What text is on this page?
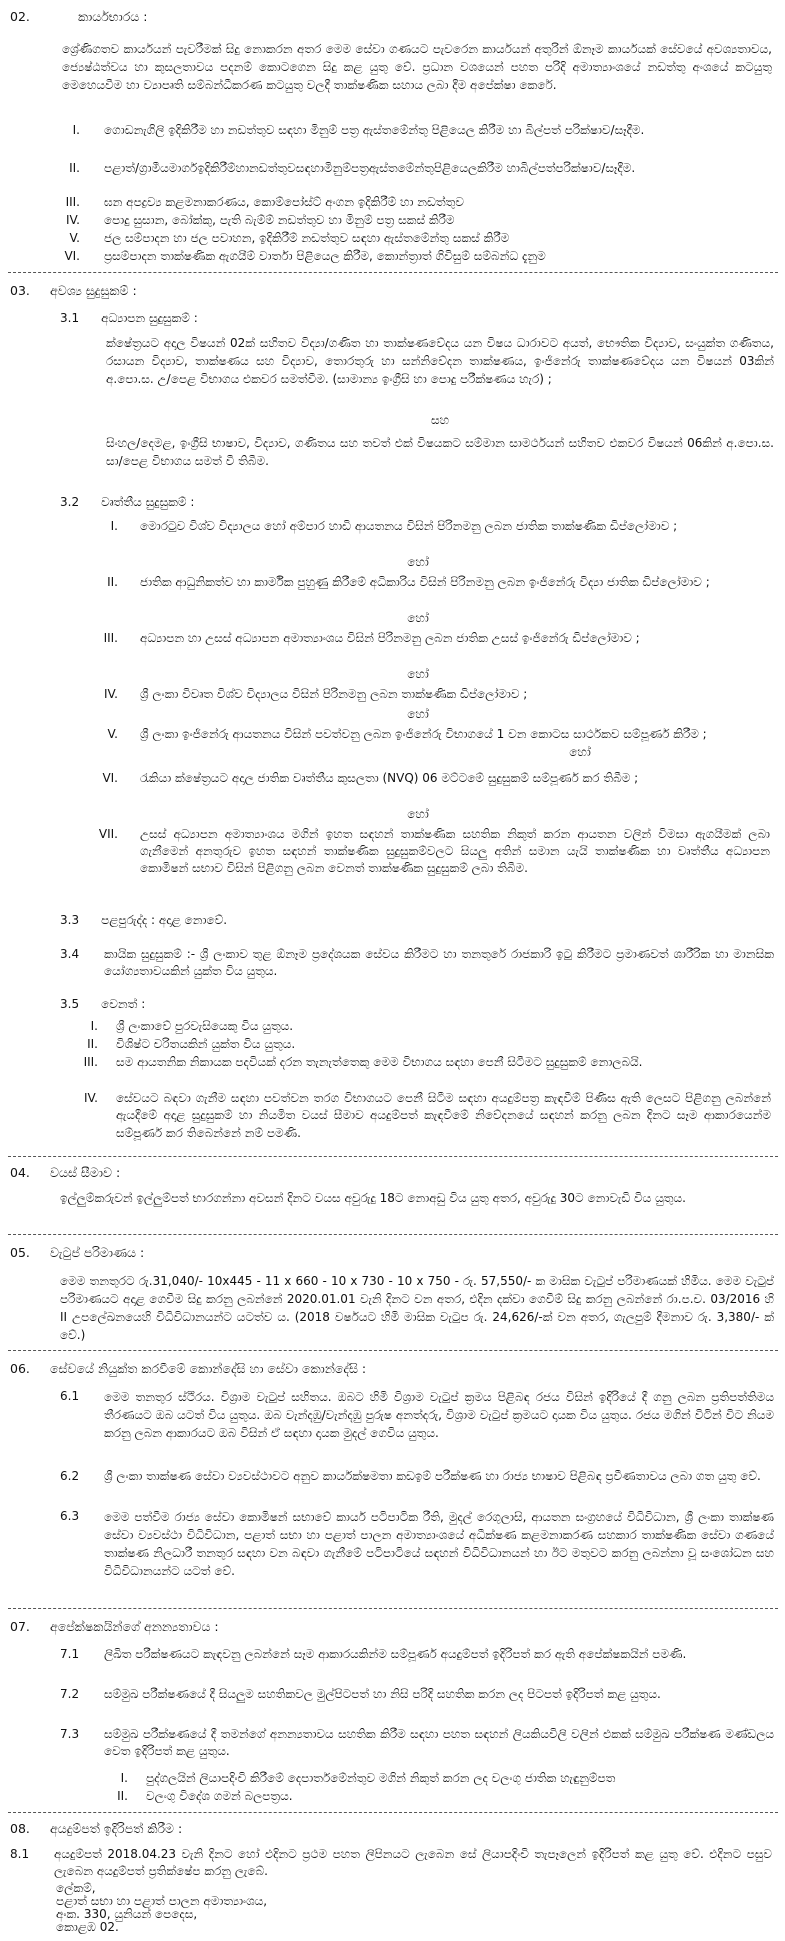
02.	කාර්යභාරය :
ශ්‍රේණිගතව කාර්යයන් පැවරීමක් සිදු නොකරන අතර මෙම සේවා ගණයට පැවරෙන කාර්යයන් අතුරින් ඕනෑම කාර්යයක් සේවයේ අවශ්‍යතාවය, ජ්‍යෙෂ්ඨත්වය හා කුසලතාවය පදනම් කොටගෙන සිදු කළ යුතු වේ. ප්‍රධාන වශයෙන් පහත පරිදි අමාත්‍යාංශයේ නඩත්තු අංශයේ කටයුතු මෙහෙයවීම හා ව්‍යාපෘති සම්බන්ධීකරණ කටයුතු වලදී තාක්ෂණික සහාය ලබා දීම අපේක්ෂා කෙරේ.
I. ගොඩනැගිලි ඉදිකිරීම හා නඩත්තුව සඳහා මිනුම් පත්‍ර ඇස්තමේන්තු පිළියෙල කිරීම හා බිල්පත් පරික්ෂාව/සෑදීම.
II. පළාත්/ග්‍රාමීයමාර්ගඉදිකිරීම්හානඩත්තුවසඳහාමිනුම්පත්‍රඇස්තමේන්තුපිළියෙලකිරීම හාබිල්පත්පරික්ෂාව/සෑදීම.
III. ඝන අපද්‍රව්‍ය කළමනාකරණය, කොම්පෝස්ට් අංගන ඉදිකිරීම් හා නඩත්තුව
IV. පොදු සුසාන, බෝක්කු, පැති බැම්ම් නඩත්තුව හා මිනුම් පත්‍ර සකස් කිරීම
V. ජල සම්පාදන හා ජල පවාහන, ඉදිකිරීම් නඩත්තුව සඳහා ඇස්තමේන්තු සකස් කිරීම
VI. ප්‍රසම්පාදන තාක්ෂණික ඇගයීම් වාර්තා පිළියෙල කිරීම, කොන්ත්‍රාත් ගිවිසුම් සම්බන්ධ දැනුම
03. අවශ්‍ය සුදුසුකම් :
3.1 අධ්‍යාපන සුදුසුකම් :
ක්ෂේත්‍රයට අදාල විෂයන් 02ක් සහිතව විද්‍යා/ගණිත හා තාක්ෂණවේදය යන විෂය ධාරාවට අයත්, භෞතික විද්‍යාව, සංයුක්ත ගණිතය, රසායන විද්‍යාව, තාක්ෂණය සහ විද්‍යාව, තොරතුරු හා සන්නිවේදන තාක්ෂණය, ඉංජිනේරු තාක්ෂණවේදය යන විෂයන් 03කින් අ.පො.ස. උ/පෙළ විභාගය එකවර සමත්වීම. (සාමාන්‍ය ඉංග්‍රීසි හා පොදු පරීක්ෂණය හැර) ;
සහ
සිංහල/දෙමළ, ඉංග්‍රීසි භාෂාව, විද්‍යාව, ගණිතය සහ තවත් එක් විෂයකට සම්මාන සාමර්ථයන් සහිතව එකවර විෂයන් 06කින් අ.පො.ස. සා/පෙළ විභාගය සමත් වී තිබීම.
3.2 වෘත්තීය සුදුසුකම් :
I. මොරටුව විශ්ව විද්‍යාලය හෝ අම්පාර හාඩි ආයතනය විසින් පිරිනමනු ලබන ජාතික තාක්ෂණික ඩිප්ලෝමාව ;
හෝ
II. ජාතික ආධුනිකත්ව හා කාර්මික පුහුණු කිරීමේ අධිකාරිය විසින් පිරිනමනු ලබන ඉංජිනේරු විද්‍යා ජාතික ඩිප්ලෝමාව ;
හෝ
III. අධ්‍යාපන හා උසස් අධ්‍යාපන අමාත්‍යාංශය විසින් පිරිනමනු ලබන ජාතික උසස් ඉංජිනේරු ඩිප්ලෝමාව ;
හෝ
IV. ශ්‍රී ලංකා විවෘත විශ්ව විද්‍යාලය විසින් පිරිනමනු ලබන තාක්ෂණික ඩිප්ලෝමාව ;
හෝ
V. ශ්‍රී ලංකා ඉංජිනේරු ආයතනය විසින් පවත්වනු ලබන ඉංජිනේරු විභාගයේ 1 වන කොටස සාර්ථකව සම්පූර්ණ කිරීම ;
හෝ
VI. රැකියා ක්ෂේත්‍රයට අදාල ජාතික වෘත්තීය කුසලතා (NVQ) 06 මට්ටමේ සුදුසුකම් සම්පූර්ණ කර තිබීම ;
හෝ
VII. උසස් අධ්‍යාපන අමාත්‍යාංශය මගින් ඉහත සඳහන් තාක්ෂණික සහතික නිකුත් කරන ආයතන වලින් විමසා ඇගයීමක් ලබා ගැනීමෙන් අනතුරුව ඉහත සඳහන් තාක්ෂණික සුදුසුකම්වලට සියලු අතින් සමාන යැයි තාක්ෂණික හා වෘත්තීය අධ්‍යාපන කොමිෂන් සභාව විසින් පිළිගනු ලබන වෙනත් තාක්ෂණික සුදුසුකම් ලබා තිබීම.
3.3 පළපුරුද්ද : අදාළ නොවේ.
3.4 කායික සුදුසුකම් :- ශ්‍රී ලංකාව තුළ ඕනෑම ප්‍රදේශයක සේවය කිරීමට හා තනතුරේ රාජකාරි ඉටු කිරීමට ප්‍රමාණවත් ශාරීරික හා මානසික යෝග්‍යතාවයකින් යුක්ත විය යුතුය.
3.5 වෙනත් :
I. ශ්‍රී ලංකාවේ පුරවැසියෙකු විය යුතුය.
II. විශිෂ්ට චරිතයකින් යුක්ත විය යුතුය.
III. සම ආයතනික නිකායක පදවියක් දරන තැනැත්තෙකු මෙම විභාගය සඳහා පෙනී සිටීමට සුදුසුකම් නොලබයි.
IV. සේවයට බඳවා ගැනීම සඳහා පවත්වන තරග විභාගයට පෙනී සිටීම සඳහා අයදුම්පත්‍ර කැඳවීම් පිණිස ඇති ලෙසට පිළිගනු ලබන්නේ ඇයදීමේ අදාළ සුදුසුකම් හා නියමිත වයස් සීමාව අයදුම්පත් කැඳවීමේ නිවේදනයේ සඳහන් කරනු ලබන දිනට සෑම ආකාරයෙන්ම සම්පූර්ණ කර තිබෙන්නේ නම් පමණි.
04. වයස් සීමාව :
ඉල්ලුම්කරුවන් ඉල්ලුම්පත් භාරගන්නා අවසන් දිනට වයස අවුරුදු 18ට නොඅඩු විය යුතු අතර, අවුරුදු 30ට නොවැඩි විය යුතුය.
05. වැටුප් පරිමාණය :
මෙම තනතුරට රු.31,040/- 10x445 - 11 x 660 - 10 x 730 - 10 x 750 - රු. 57,550/- ක මාසික වැටුප් පරිමාණයක් හිමිය. මෙම වැටුප් පරිමාණයට අදාළ ගෙවීම සිදු කරනු ලබන්නේ 2020.01.01 වැනි දිනට වන අතර, එදින දක්වා ගෙවීම් සිදු කරනු ලබන්නේ රා.ප.ච. 03/2016 හි II උපලේඛනයෙහි විධිවිධානයන්ට යටත්ව ය. (2018 වර්ෂයට හිමි මාසික වැටුප රු. 24,626/-ක් වන අතර, ගැලපුම් දීමනාව රු. 3,380/- ක් වේ.)
06. සේවයේ නියුක්ත කරවීමේ කොන්දේසි හා සේවා කොන්දේසි :
6.1 මෙම තනතුර ස්ථිරය. විශ්‍රාම වැටුප් සහිතය. ඔබට හිමි විශ්‍රාම වැටුප් ක්‍රමය පිළිබඳ රජය විසින් ඉදිරියේ දී ගනු ලබන ප්‍රතිපත්තිමය තීරණයට ඔබ යටත් විය යුතුය. ඔබ වැන්දඹු/වැන්දඹු පුරුෂ අනත්දරු, විශ්‍රාම වැටුප් ක්‍රමයට දායක විය යුතුය. රජය මගින් විටින් විට නියම කරනු ලබන ආකාරයට ඔබ විසින් ඒ සඳහා දායක මුදල් ගෙවිය යුතුය.
6.2 ශ්‍රී ලංකා තාක්ෂණ සේවා ව්‍යවස්ථාවට අනුව කාර්යක්ෂමතා කඩඉම් පරීක්ෂණ හා රාජ්‍ය භාෂාව පිළිබඳ ප්‍රවීණතාවය ලබා ගත යුතු වේ.
6.3 මෙම පත්වීම රාජ්‍ය සේවා කොමිෂන් සභාවේ කාර්ය පටිපාටික රීති, මුදල් රෙගුලාසි, ආයතන සංග්‍රහයේ විධිවිධාන, ශ්‍රී ලංකා තාක්ෂණ සේවා ව්‍යවස්ථා විධිවිධාන, පළාත් සභා හා පළාත් පාලන අමාත්‍යාංශයේ අධීක්ෂණ කළමනාකරණ සහකාර තාක්ෂණික සේවා ගණයේ තාක්ෂණ නිලධාරී තනතුර සඳහා වන බඳවා ගැනීමේ පටිපාටියේ සඳහන් විධිවිධානයන් හා ඊට මතුවට කරනු ලබන්නා වූ සංශෝධන සහ විධිවිධානයන්ට යටත් වේ.
07. අපේක්ෂකයින්ගේ අනන්‍යතාවය :
7.1 ලිඛිත පරීක්ෂණයට කැඳවනු ලබන්නේ සෑම ආකාරයකින්ම සම්පූර්ණ අයදුම්පත් ඉදිරිපත් කර ඇති අපේක්ෂකයින් පමණි.
7.2 සම්මුඛ පරීක්ෂණයේ දී සියලුම සහතිකවල මුල්පිටපත් හා නිසි පරිදි සහතික කරන ලද පිටපත් ඉදිරිපත් කළ යුතුය.
7.3 සම්මුඛ පරීක්ෂණයේ දී තමන්ගේ අනන්‍යතාවය සහතික කිරීම සඳහා පහත සඳහන් ලියකියවිලි වලින් එකක් සම්මුඛ පරීක්ෂණ මණ්ඩලය වෙත ඉදිරිපත් කළ යුතුය.
I. පුද්ගලයින් ලියාපදිංචි කිරීමේ දෙපාර්තමේන්තුව මගින් නිකුත් කරන ලද වලංගු ජාතික හැඳුනුම්පත
II. වලංගු විදේශ ගමන් බලපත්‍රය.
08. අයදුම්පත් ඉදිරිපත් කිරීම :
8.1 අයදුම්පත් 2018.04.23 වැනි දිනට හෝ එදිනට ප්‍රථම පහත ලිපිනයට ලැබෙන සේ ලියාපදිංචි තැපෑලෙන් ඉදිරිපත් කළ යුතු වේ. එදිනට පසුව ලැබෙන අයදුම්පත් ප්‍රතික්ෂේප කරනු ලැබේ.
ලේකම්,
පළාත් සභා හා පළාත් පාලන අමාත්‍යාංශය,
අංක. 330, යුනියන් පෙදෙස,
කොළඹ 02.
